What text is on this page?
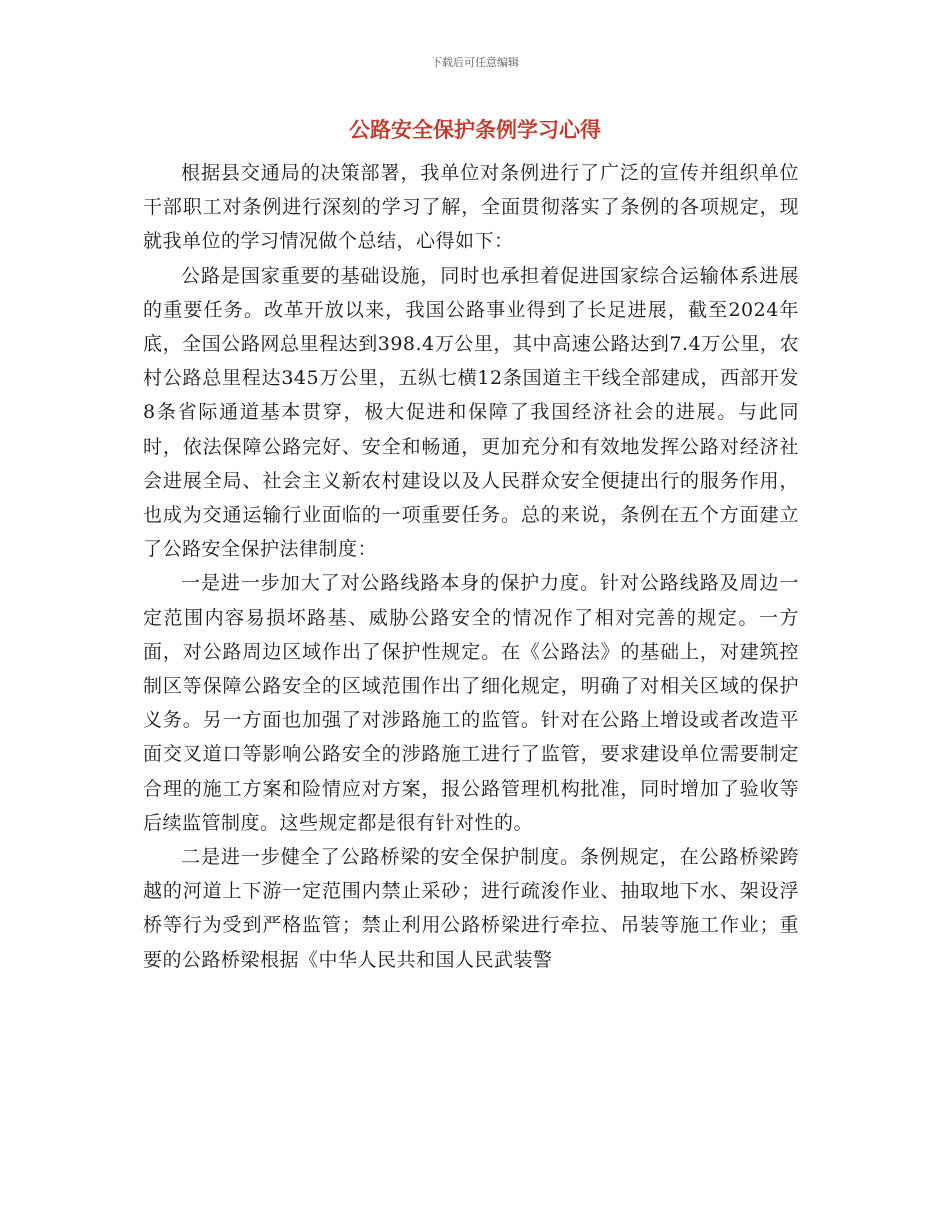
下载后可任意编辑
公路安全保护条例学习心得

根据县交通局的决策部署，我单位对条例进行了广泛的宣传并组织单位干部职工对条例进行深刻的学习了解，全面贯彻落实了条例的各项规定，现就我单位的学习情况做个总结，心得如下：

公路是国家重要的基础设施，同时也承担着促进国家综合运输体系进展的重要任务。改革开放以来，我国公路事业得到了长足进展，截至2024年底，全国公路网总里程达到398.4万公里，其中高速公路达到7.4万公里，农村公路总里程达345万公里，五纵七横12条国道主干线全部建成，西部开发8条省际通道基本贯穿，极大促进和保障了我国经济社会的进展。与此同时，依法保障公路完好、安全和畅通，更加充分和有效地发挥公路对经济社会进展全局、社会主义新农村建设以及人民群众安全便捷出行的服务作用，也成为交通运输行业面临的一项重要任务。总的来说，条例在五个方面建立了公路安全保护法律制度：

一是进一步加大了对公路线路本身的保护力度。针对公路线路及周边一定范围内容易损坏路基、威胁公路安全的情况作了相对完善的规定。一方面，对公路周边区域作出了保护性规定。在《公路法》的基础上，对建筑控制区等保障公路安全的区域范围作出了细化规定，明确了对相关区域的保护义务。另一方面也加强了对涉路施工的监管。针对在公路上增设或者改造平面交叉道口等影响公路安全的涉路施工进行了监管，要求建设单位需要制定合理的施工方案和险情应对方案，报公路管理机构批准，同时增加了验收等后续监管制度。这些规定都是很有针对性的。

二是进一步健全了公路桥梁的安全保护制度。条例规定，在公路桥梁跨越的河道上下游一定范围内禁止采砂；进行疏浚作业、抽取地下水、架设浮桥等行为受到严格监管；禁止利用公路桥梁进行牵拉、吊装等施工作业；重要的公路桥梁根据《中华人民共和国人民武装警
